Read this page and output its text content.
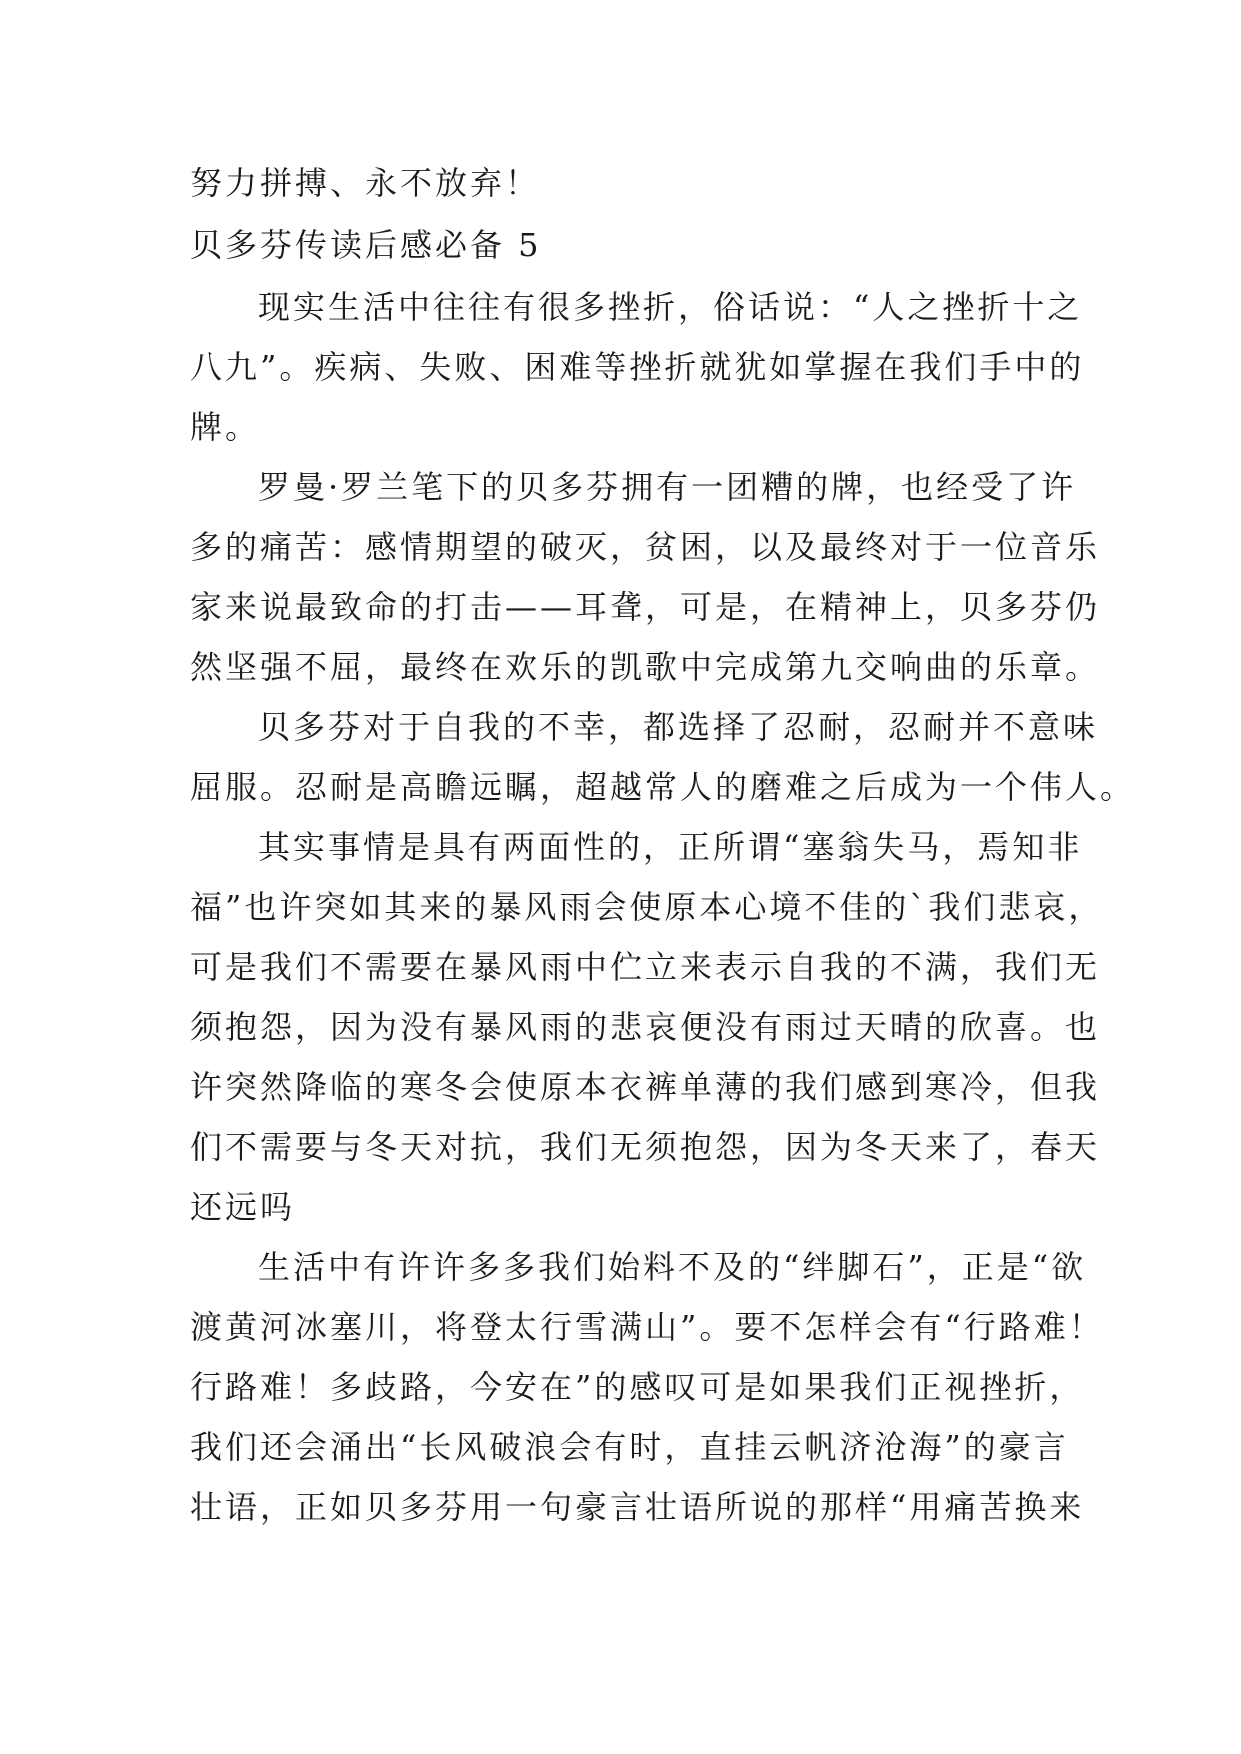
努力拼搏、永不放弃！

贝多芬传读后感必备 5

现实生活中往往有很多挫折，俗话说：“人之挫折十之

八九”。疾病、失败、困难等挫折就犹如掌握在我们手中的

牌。

罗曼·罗兰笔下的贝多芬拥有一团糟的牌，也经受了许

多的痛苦：感情期望的破灭，贫困，以及最终对于一位音乐

家来说最致命的打击——耳聋，可是，在精神上，贝多芬仍

然坚强不屈，最终在欢乐的凯歌中完成第九交响曲的乐章。

贝多芬对于自我的不幸，都选择了忍耐，忍耐并不意味

屈服。忍耐是高瞻远瞩，超越常人的磨难之后成为一个伟人。

其实事情是具有两面性的，正所谓“塞翁失马，焉知非

福”也许突如其来的暴风雨会使原本心境不佳的`我们悲哀，

可是我们不需要在暴风雨中伫立来表示自我的不满，我们无

须抱怨，因为没有暴风雨的悲哀便没有雨过天晴的欣喜。也

许突然降临的寒冬会使原本衣裤单薄的我们感到寒冷，但我

们不需要与冬天对抗，我们无须抱怨，因为冬天来了，春天

还远吗

生活中有许许多多我们始料不及的“绊脚石”，正是“欲

渡黄河冰塞川，将登太行雪满山”。要不怎样会有“行路难！

行路难！多歧路，今安在”的感叹可是如果我们正视挫折，

我们还会涌出“长风破浪会有时，直挂云帆济沧海”的豪言

壮语，正如贝多芬用一句豪言壮语所说的那样“用痛苦换来
